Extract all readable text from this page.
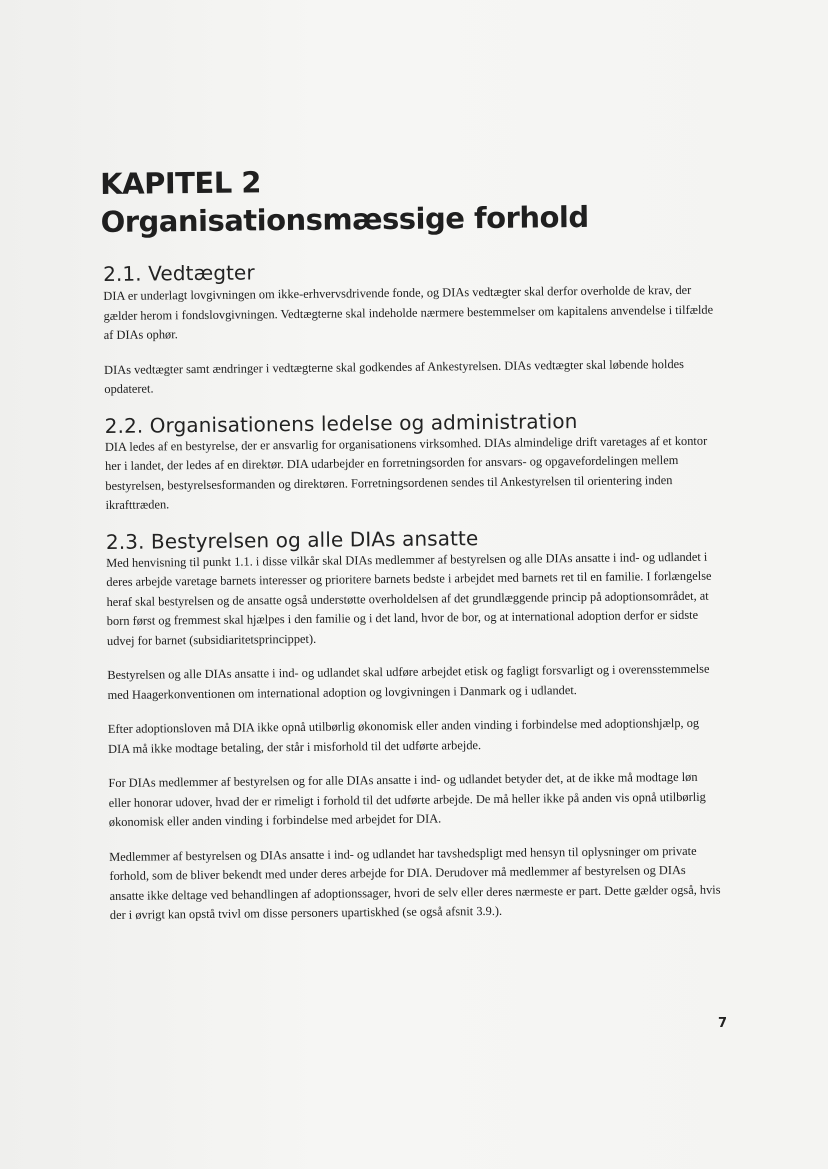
KAPITEL 2
Organisationsmæssige forhold
2.1. Vedtægter

DIA er underlagt lovgivningen om ikke-erhvervsdrivende fonde, og DIAs vedtægter skal derfor overholde de krav, der gælder herom i fondslovgivningen. Vedtægterne skal indeholde nærmere bestemmelser om kapitalens anvendelse i tilfælde af DIAs ophør.

DIAs vedtægter samt ændringer i vedtægterne skal godkendes af Ankestyrelsen. DIAs vedtægter skal løbende holdes opdateret.

2.2. Organisationens ledelse og administration

DIA ledes af en bestyrelse, der er ansvarlig for organisationens virksomhed. DIAs almindelige drift varetages af et kontor her i landet, der ledes af en direktør. DIA udarbejder en forretningsorden for ansvars- og opgavefordelingen mellem bestyrelsen, bestyrelsesformanden og direktøren. Forretningsordenen sendes til Ankestyrelsen til orientering inden ikrafttræden.

2.3. Bestyrelsen og alle DIAs ansatte

Med henvisning til punkt 1.1. i disse vilkår skal DIAs medlemmer af bestyrelsen og alle DIAs ansatte i ind- og udlandet i deres arbejde varetage barnets interesser og prioritere barnets bedste i arbejdet med barnets ret til en familie. I forlængelse heraf skal bestyrelsen og de ansatte også understøtte overholdelsen af det grundlæggende princip på adoptionsområdet, at born først og fremmest skal hjælpes i den familie og i det land, hvor de bor, og at international adoption derfor er sidste udvej for barnet (subsidiaritetsprincippet).

Bestyrelsen og alle DIAs ansatte i ind- og udlandet skal udføre arbejdet etisk og fagligt forsvarligt og i overensstemmelse med Haagerkonventionen om international adoption og lovgivningen i Danmark og i udlandet.

Efter adoptionsloven må DIA ikke opnå utilbørlig økonomisk eller anden vinding i forbindelse med adoptionshjælp, og DIA må ikke modtage betaling, der står i misforhold til det udførte arbejde.

For DIAs medlemmer af bestyrelsen og for alle DIAs ansatte i ind- og udlandet betyder det, at de ikke må modtage løn eller honorar udover, hvad der er rimeligt i forhold til det udførte arbejde. De må heller ikke på anden vis opnå utilbørlig økonomisk eller anden vinding i forbindelse med arbejdet for DIA.

Medlemmer af bestyrelsen og DIAs ansatte i ind- og udlandet har tavshedspligt med hensyn til oplysninger om private forhold, som de bliver bekendt med under deres arbejde for DIA. Derudover må medlemmer af bestyrelsen og DIAs ansatte ikke deltage ved behandlingen af adoptionssager, hvori de selv eller deres nærmeste er part. Dette gælder også, hvis der i øvrigt kan opstå tvivl om disse personers upartiskhed (se også afsnit 3.9.).

7
